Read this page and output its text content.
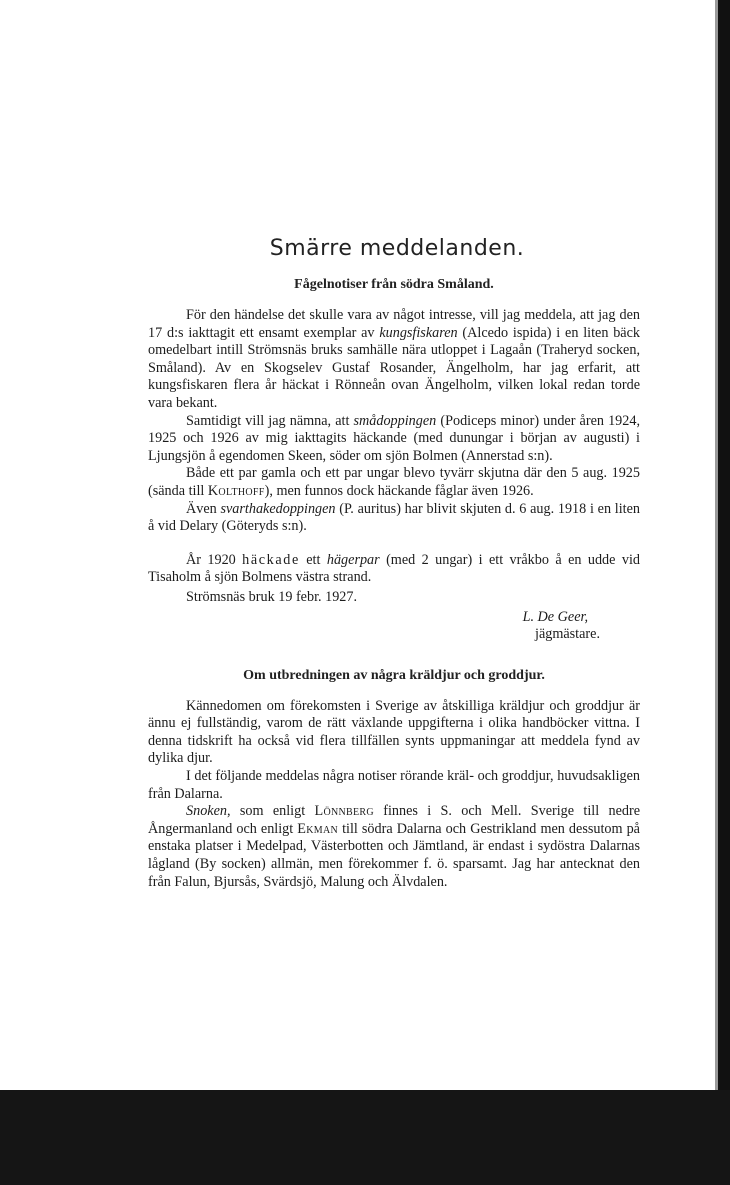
Smärre meddelanden.
Fågelnotiser från södra Småland.

För den händelse det skulle vara av något intresse, vill jag meddela, att jag den 17 d:s iakttagit ett ensamt exemplar av kungsfiskaren (Alcedo ispida) i en liten bäck omedelbart intill Strömsnäs bruks samhälle nära utloppet i Lagaån (Traheryd socken, Småland). Av en Skogselev Gustaf Rosander, Ängelholm, har jag erfarit, att kungsfiskaren flera år häckat i Rönneån ovan Ängelholm, vilken lokal redan torde vara bekant.

Samtidigt vill jag nämna, att smådoppingen (Podiceps minor) under åren 1924, 1925 och 1926 av mig iakttagits häckande (med dunungar i början av augusti) i Ljungsjön å egendomen Skeen, söder om sjön Bolmen (Annerstad s:n).

Både ett par gamla och ett par ungar blevo tyvärr skjutna där den 5 aug. 1925 (sända till Kolthoff), men funnos dock häckande fåglar även 1926.

Även svarthakedoppingen (P. auritus) har blivit skjuten d. 6 aug. 1918 i en liten å vid Delary (Göteryds s:n).

År 1920 häckade ett hägerpar (med 2 ungar) i ett vråkbo å en udde vid Tisaholm å sjön Bolmens västra strand.

Strömsnäs bruk 19 febr. 1927.

L. De Geer,

jägmästare.

Om utbredningen av några kräldjur och groddjur.

Kännedomen om förekomsten i Sverige av åtskilliga kräldjur och groddjur är ännu ej fullständig, varom de rätt växlande uppgifterna i olika handböcker vittna. I denna tidskrift ha också vid flera tillfällen synts uppmaningar att meddela fynd av dylika djur.

I det följande meddelas några notiser rörande kräl- och groddjur, huvudsakligen från Dalarna.

Snoken, som enligt Lönnberg finnes i S. och Mell. Sverige till nedre Ångermanland och enligt Ekman till södra Dalarna och Gestrikland men dessutom på enstaka platser i Medelpad, Västerbotten och Jämtland, är endast i sydöstra Dalarnas lågland (By socken) allmän, men förekommer f. ö. sparsamt. Jag har antecknat den från Falun, Bjursås, Svärdsjö, Malung och Älvdalen.
